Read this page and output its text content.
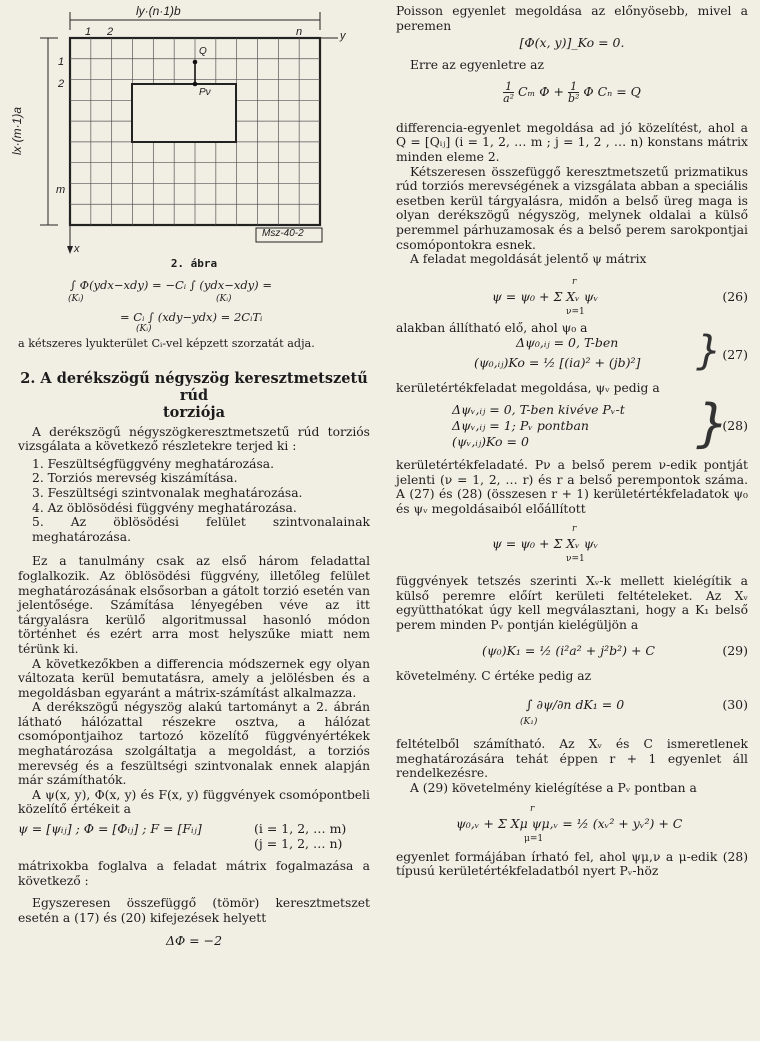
ly·(n·1)b
lx·(m·1)a
1 2	n
1
2
m
Q
Pν
y
x
Msz-40-2
2. ábra
∫ Φ(ydx−xdy) = −Cᵢ ∫ (ydx−xdy) =
(Kᵢ)	(Kᵢ)
= Cᵢ ∫ (xdy−ydx) = 2CᵢTᵢ
(Kᵢ)

a kétszeres lyukterület Cᵢ-vel képzett szorzatát adja.

2. A derékszögű négyszög keresztmetszetű rúd
torziója

A derékszögű négyszögkeresztmetszetű rúd torziós vizsgálata a következő részletekre terjed ki :

1. Feszültségfüggvény meghatározása.

2. Torziós merevség kiszámítása.

3. Feszültségi szintvonalak meghatározása.

4. Az öblösödési függvény meghatározása.

5. Az öblösödési felület szintvonalainak meghatározása.

Ez a tanulmány csak az első három feladattal foglalkozik. Az öblösödési függvény, illetőleg felület meghatározásának elsősorban a gátolt torzió esetén van jelentősége. Számítása lényegében véve az itt tárgyalásra kerülő algoritmussal hasonló módon történhet és ezért arra most helyszűke miatt nem térünk ki.

A következőkben a differencia módszernek egy olyan változata kerül bemutatásra, amely a jelölésben és a megoldásban egyaránt a mátrix-számítást alkalmazza.

A derékszögű négyszög alakú tartományt a 2. ábrán látható hálózattal részekre osztva, a hálózat csomópontjaihoz tartozó közelítő függvényértékek meghatározása szolgáltatja a megoldást, a torziós merevség és a feszültségi szintvonalak ennek alapján már számíthatók.

A ψ(x, y), Φ(x, y) és F(x, y) függvények csomópontbeli közelítő értékeit a

ψ = [ψᵢⱼ] ; Φ = [Φᵢⱼ] ; F = [Fᵢⱼ]	(i = 1, 2, … m)
(j = 1, 2, … n)

mátrixokba foglalva a feladat mátrix fogalmazása a következő :

Egyszeresen összefüggő (tömör) keresztmetszet esetén a (17) és (20) kifejezések helyett

ΔΦ = −2

Poisson egyenlet megoldása az előnyösebb, mivel a peremen

[Φ(x, y)]_Ko = 0.

Erre az egyenletre az

$\frac{1}{\text{a²}}$ Cₘ $\Phi + \frac{1}{\text{b²}}$ Φ Cₙ = Q

differencia-egyenlet megoldása ad jó közelítést, ahol a Q = [Qᵢⱼ] (i = 1, 2, … m ; j = 1, 2 , … n) konstans mátrix minden eleme 2.

Kétszeresen összefüggő keresztmetszetű prizmatikus rúd torziós merevségének a vizsgálata abban a speciális esetben kerül tárgyalásra, midőn a belső üreg maga is olyan derékszögű négyszög, melynek oldalai a külső peremmel párhuzamosak és a belső perem sarokpontjai csomópontokra esnek.

A feladat megoldását jelentő ψ mátrix

r
ψ = ψ₀ + Σ Xᵥ ψᵥ
ν=1
(26)

alakban állítható elő, ahol ψ₀ a

Δψ₀,ᵢⱼ = 0, T-ben
(ψ₀,ᵢⱼ)Ko = ½ [(ia)² + (jb)²] } (27)

kerületértékfeladat megoldása, ψᵥ pedig a

Δψᵥ,ᵢⱼ = 0, T-ben kivéve Pᵥ-t
Δψᵥ,ᵢⱼ = 1; Pᵥ pontban
(ψᵥ,ᵢⱼ)Ko = 0	}
(28)

kerületértékfeladaté. Pν a belső perem ν-edik pontját jelenti (ν = 1, 2, … r) és r a belső perempontok száma. A (27) és (28) (összesen r + 1) kerületértékfeladatok ψ₀ és ψᵥ megoldásaiból előállított

r
ψ = ψ₀ + Σ Xᵥ ψᵥ
ν=1

függvények tetszés szerinti Xᵥ-k mellett kielégítik a külső peremre előírt kerületi feltételeket. Az Xᵥ együtthatókat úgy kell megválasztani, hogy a K₁ belső perem minden Pᵥ pontján kielégüljön a

(ψ₀)K₁ = ½ (i²a² + j²b²) + C	(29)

követelmény. C értéke pedig az

∫ ∂ψ/∂n dK₁ = 0
(K₁)
(30)

feltételből számítható. Az Xᵥ és C ismeretlenek meghatározására tehát éppen r + 1 egyenlet áll rendelkezésre.

A (29) követelmény kielégítése a Pᵥ pontban a

r
ψ₀,ᵥ + Σ Xμ ψμ,ᵥ = ½ (xᵥ² + yᵥ²) + C
μ=1

egyenlet formájában írható fel, ahol ψμ,ν a μ-edik (28) típusú kerületértékfeladatból nyert Pᵥ-höz
